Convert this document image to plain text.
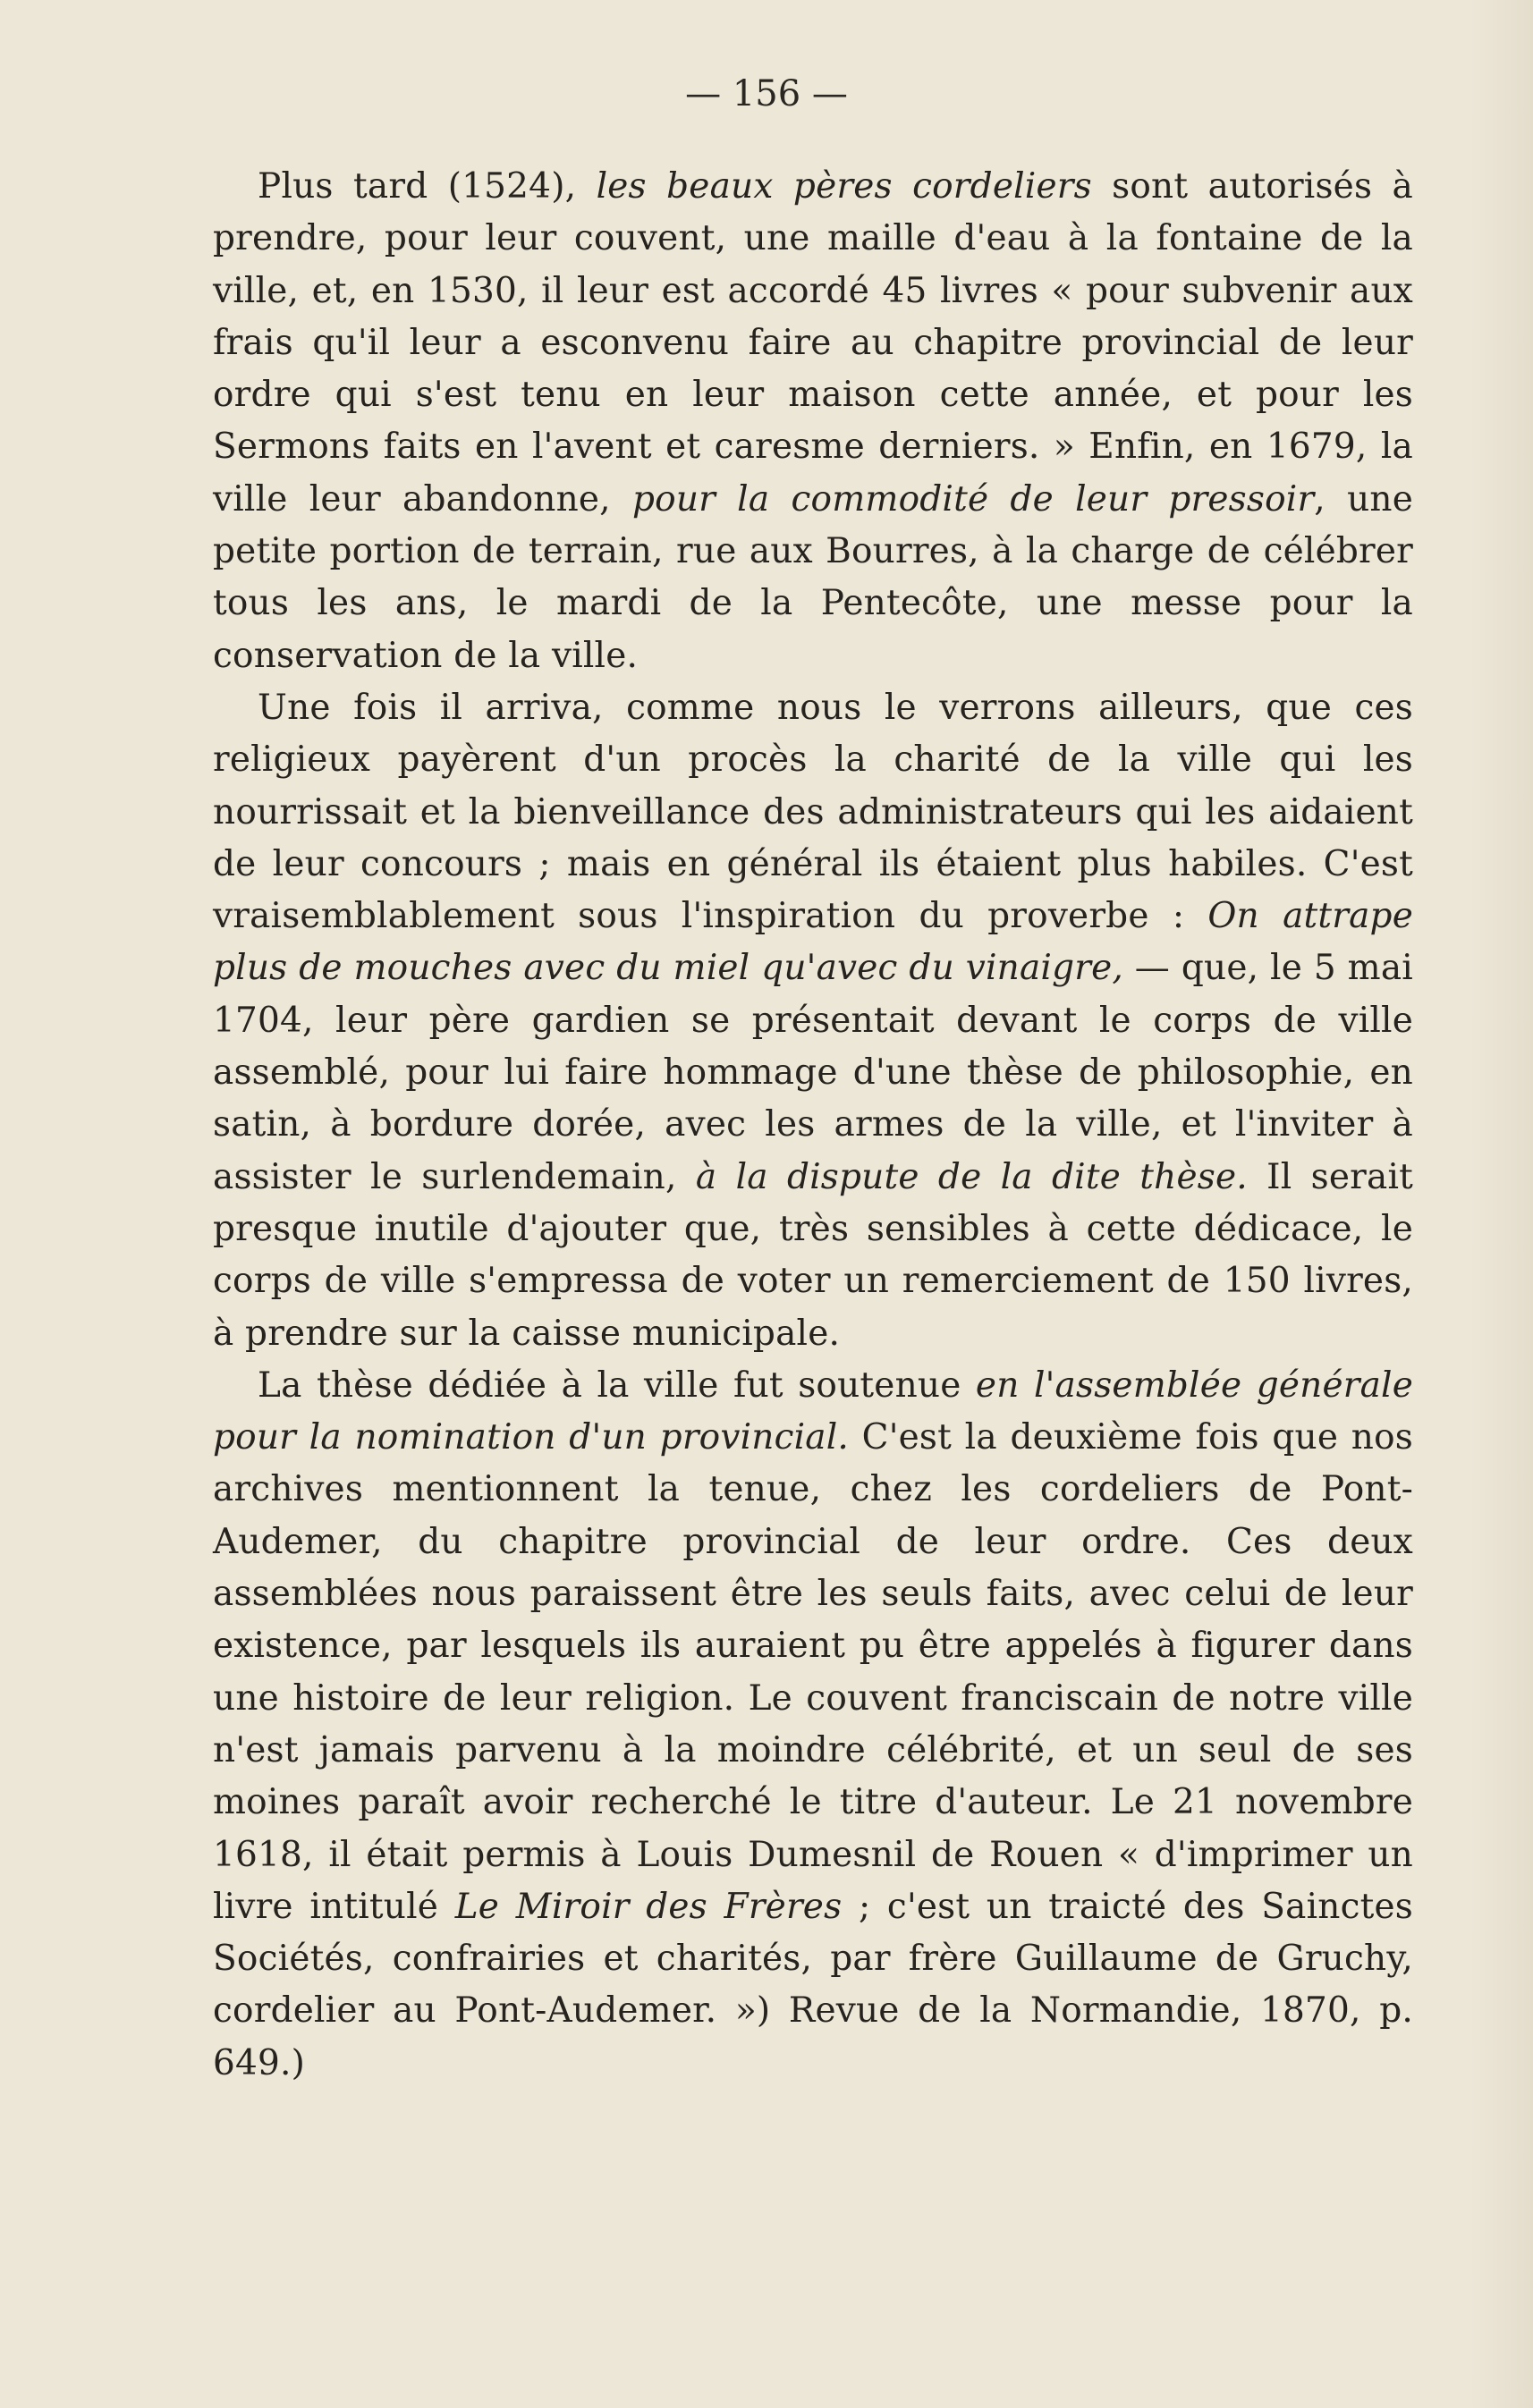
— 156 —

Plus tard (1524), les beaux pères cordeliers sont autorisés à prendre, pour leur couvent, une maille d'eau à la fontaine de la ville, et, en 1530, il leur est accordé 45 livres « pour subvenir aux frais qu'il leur a esconvenu faire au chapitre provincial de leur ordre qui s'est tenu en leur maison cette année, et pour les Sermons faits en l'avent et caresme derniers. » Enfin, en 1679, la ville leur abandonne, pour la commodité de leur pressoir, une petite portion de terrain, rue aux Bourres, à la charge de célébrer tous les ans, le mardi de la Pentecôte, une messe pour la conservation de la ville.

Une fois il arriva, comme nous le verrons ailleurs, que ces religieux payèrent d'un procès la charité de la ville qui les nourrissait et la bienveillance des administrateurs qui les aidaient de leur concours ; mais en général ils étaient plus habiles. C'est vraisemblablement sous l'inspiration du proverbe : On attrape plus de mouches avec du miel qu'avec du vinaigre, — que, le 5 mai 1704, leur père gardien se présentait devant le corps de ville assemblé, pour lui faire hommage d'une thèse de philosophie, en satin, à bordure dorée, avec les armes de la ville, et l'inviter à assister le surlendemain, à la dispute de la dite thèse. Il serait presque inutile d'ajouter que, très sensibles à cette dédicace, le corps de ville s'empressa de voter un remerciement de 150 livres, à prendre sur la caisse municipale.

La thèse dédiée à la ville fut soutenue en l'assemblée générale pour la nomination d'un provincial. C'est la deuxième fois que nos archives mentionnent la tenue, chez les cordeliers de Pont-Audemer, du chapitre provincial de leur ordre. Ces deux assemblées nous paraissent être les seuls faits, avec celui de leur existence, par lesquels ils auraient pu être appelés à figurer dans une histoire de leur religion. Le couvent franciscain de notre ville n'est jamais parvenu à la moindre célébrité, et un seul de ses moines paraît avoir recherché le titre d'auteur. Le 21 novembre 1618, il était permis à Louis Dumesnil de Rouen « d'imprimer un livre intitulé Le Miroir des Frères ; c'est un traicté des Sainctes Sociétés, confrairies et charités, par frère Guillaume de Gruchy, cordelier au Pont-Audemer. ») Revue de la Normandie, 1870, p. 649.)
